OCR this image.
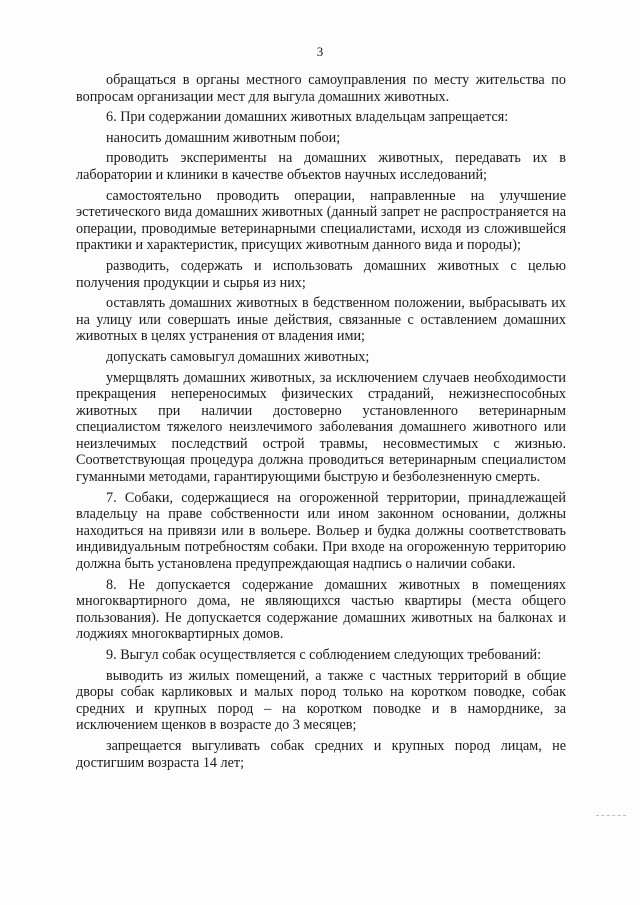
3

обращаться в органы местного самоуправления по месту жительства по вопросам организации мест для выгула домашних животных.

6. При содержании домашних животных владельцам запрещается:

наносить домашним животным побои;

проводить эксперименты на домашних животных, передавать их в лаборатории и клиники в качестве объектов научных исследований;

самостоятельно проводить операции, направленные на улучшение эстетического вида домашних животных (данный запрет не распространяется на операции, проводимые ветеринарными специалистами, исходя из сложившейся практики и характеристик, присущих животным данного вида и породы);

разводить, содержать и использовать домашних животных с целью получения продукции и сырья из них;

оставлять домашних животных в бедственном положении, выбрасывать их на улицу или совершать иные действия, связанные с оставлением домашних животных в целях устранения от владения ими;

допускать самовыгул домашних животных;

умерщвлять домашних животных, за исключением случаев необходимости прекращения непереносимых физических страданий, нежизнеспособных животных при наличии достоверно установленного ветеринарным специалистом тяжелого неизлечимого заболевания домашнего животного или неизлечимых последствий острой травмы, несовместимых с жизнью. Соответствующая процедура должна проводиться ветеринарным специалистом гуманными методами, гарантирующими быструю и безболезненную смерть.

7. Собаки, содержащиеся на огороженной территории, принадлежащей владельцу на праве собственности или ином законном основании, должны находиться на привязи или в вольере. Вольер и будка должны соответствовать индивидуальным потребностям собаки. При входе на огороженную территорию должна быть установлена предупреждающая надпись о наличии собаки.

8. Не допускается содержание домашних животных в помещениях многоквартирного дома, не являющихся частью квартиры (места общего пользования). Не допускается содержание домашних животных на балконах и лоджиях многоквартирных домов.

9. Выгул собак осуществляется с соблюдением следующих требований:

выводить из жилых помещений, а также с частных территорий в общие дворы собак карликовых и малых пород только на коротком поводке, собак средних и крупных пород – на коротком поводке и в наморднике, за исключением щенков в возрасте до 3 месяцев;

запрещается выгуливать собак средних и крупных пород лицам, не достигшим возраста 14 лет;
